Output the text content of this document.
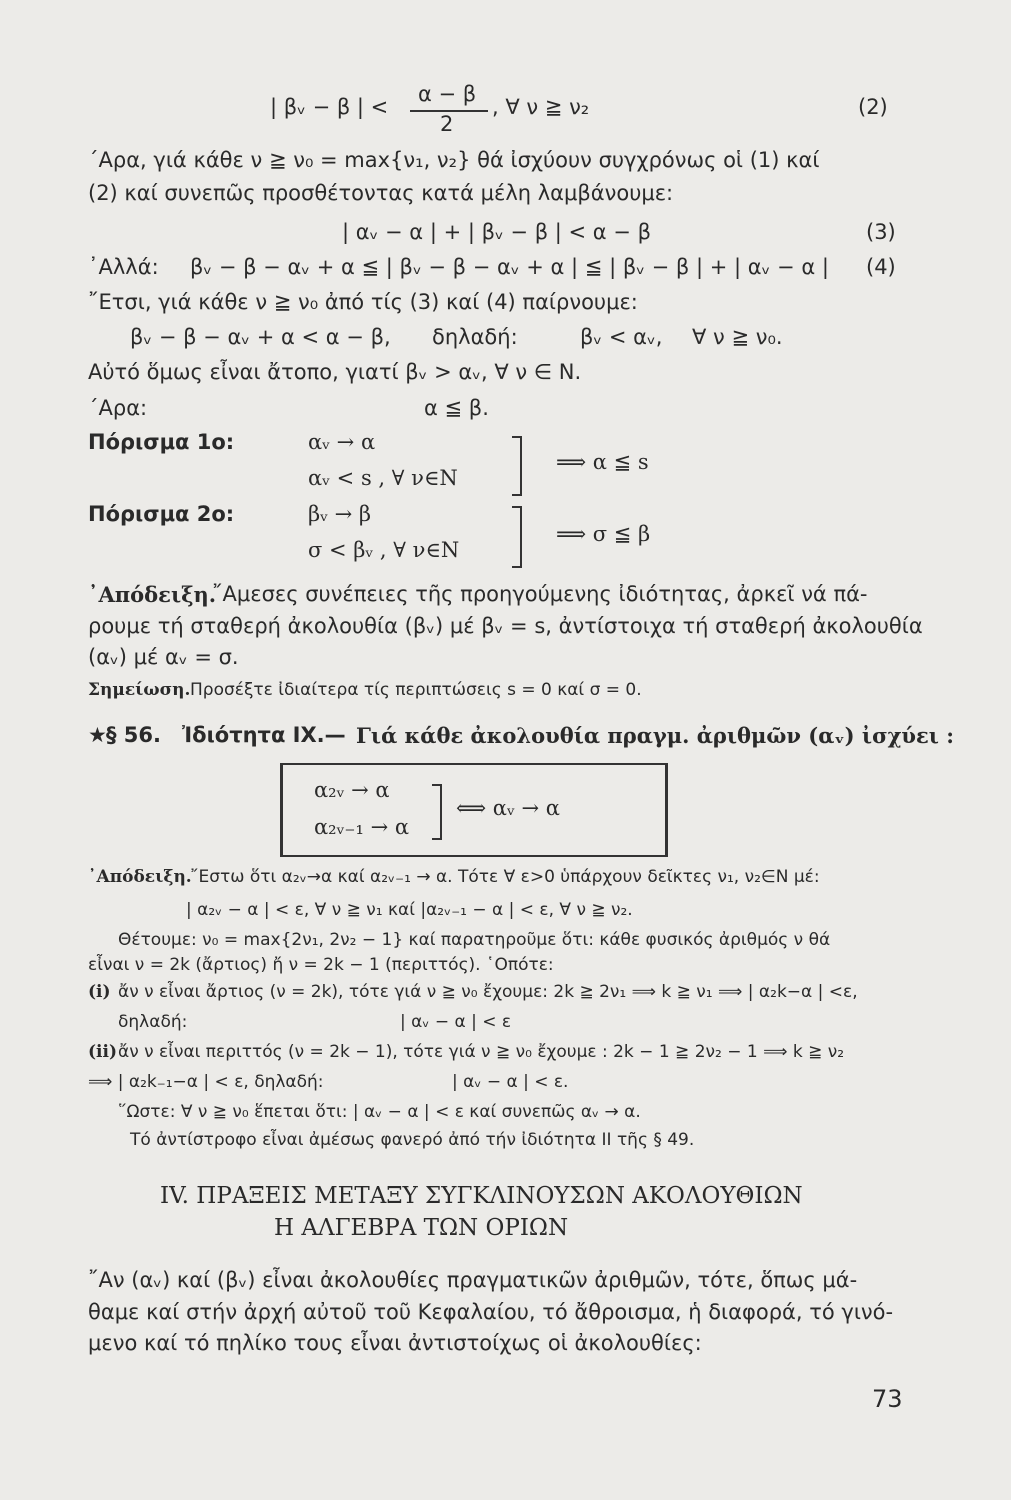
| βᵥ − β | <
α − β
2
, ∀ ν ≧ ν₂	(2)
΄Αρα, γιά κάθε ν ≧ ν₀ = max{ν₁, ν₂} θά ἰσχύουν συγχρόνως οἱ (1) καί
(2) καί συνεπῶς προσθέτοντας κατά μέλη λαμβάνουμε:
| αᵥ − α | + | βᵥ − β | < α − β	(3)
᾿Αλλά: βᵥ − β − αᵥ + α ≦ | βᵥ − β − αᵥ + α | ≦ | βᵥ − β | + | αᵥ − α | (4)
῎Ετσι, γιά κάθε ν ≧ ν₀ ἀπό τίς (3) καί (4) παίρνουμε:
βᵥ − β − αᵥ + α < α − β, δηλαδή:	βᵥ < αᵥ, ∀ ν ≧ ν₀.
Αὐτό ὅμως εἶναι ἄτοπο, γιατί βᵥ > αᵥ, ∀ ν ∈ N.
΄Αρα:	α ≦ β.
Πόρισμα 1ο:	αᵥ → α
αᵥ < s , ∀ ν∈N
⟹ α ≦ s
Πόρισμα 2ο:	βᵥ → β
σ < βᵥ , ∀ ν∈N
⟹ σ ≦ β
᾿Απόδειξη.
῎Αμεσες συνέπειες τῆς προηγούμενης ἰδιότητας, ἀρκεῖ νά πά-
ρουμε τή σταθερή ἀκολουθία (βᵥ) μέ βᵥ = s, ἀντίστοιχα τή σταθερή ἀκολουθία
(αᵥ) μέ αᵥ = σ.
Σημείωση. Προσέξτε ἰδιαίτερα τίς περιπτώσεις s = 0 καί σ = 0.
★ § 56. Ἰδιότητα IX.— Γιά κάθε ἀκολουθία πραγμ. ἀριθμῶν (αᵥ) ἰσχύει :
α₂ᵥ → α
α₂ᵥ₋₁ → α
⟺ αᵥ → α
᾿Απόδειξη.
῎Εστω ὅτι α₂ᵥ→α καί α₂ᵥ₋₁ → α. Τότε ∀ ε>0 ὑπάρχουν δεῖκτες ν₁, ν₂∈N μέ:
| α₂ᵥ − α | < ε, ∀ ν ≧ ν₁ καί |α₂ᵥ₋₁ − α | < ε, ∀ ν ≧ ν₂.
Θέτουμε: ν₀ = max{2ν₁, 2ν₂ − 1} καί παρατηροῦμε ὅτι: κάθε φυσικός ἀριθμός ν θά
εἶναι ν = 2k (ἄρτιος) ἤ ν = 2k − 1 (περιττός). ῾Οπότε:
(i) ἄν ν εἶναι ἄρτιος (ν = 2k), τότε γιά ν ≧ ν₀ ἔχουμε: 2k ≧ 2ν₁ ⟹ k ≧ ν₁ ⟹ | α₂k−α | <ε,
δηλαδή:	| αᵥ − α | < ε
(ii) ἄν ν εἶναι περιττός (ν = 2k − 1), τότε γιά ν ≧ ν₀ ἔχουμε : 2k − 1 ≧ 2ν₂ − 1 ⟹ k ≧ ν₂
⟹ | α₂k₋₁−α | < ε, δηλαδή:	| αᵥ − α | < ε.
῞Ωστε: ∀ ν ≧ ν₀ ἕπεται ὅτι: | αᵥ − α | < ε καί συνεπῶς αᵥ → α.
Τό ἀντίστροφο εἶναι ἀμέσως φανερό ἀπό τήν ἰδιότητα II τῆς § 49.
IV. ΠΡΑΞΕΙΣ ΜΕΤΑΞΥ ΣΥΓΚΛΙΝΟΥΣΩΝ ΑΚΟΛΟΥΘΙΩΝ
Η ΑΛΓΕΒΡΑ ΤΩΝ ΟΡΙΩΝ
῎Αν (αᵥ) καί (βᵥ) εἶναι ἀκολουθίες πραγματικῶν ἀριθμῶν, τότε, ὅπως μά-
θαμε καί στήν ἀρχή αὐτοῦ τοῦ Κεφαλαίου, τό ἄθροισμα, ἡ διαφορά, τό γινό-
μενο καί τό πηλίκο τους εἶναι ἀντιστοίχως οἱ ἀκολουθίες:
73
